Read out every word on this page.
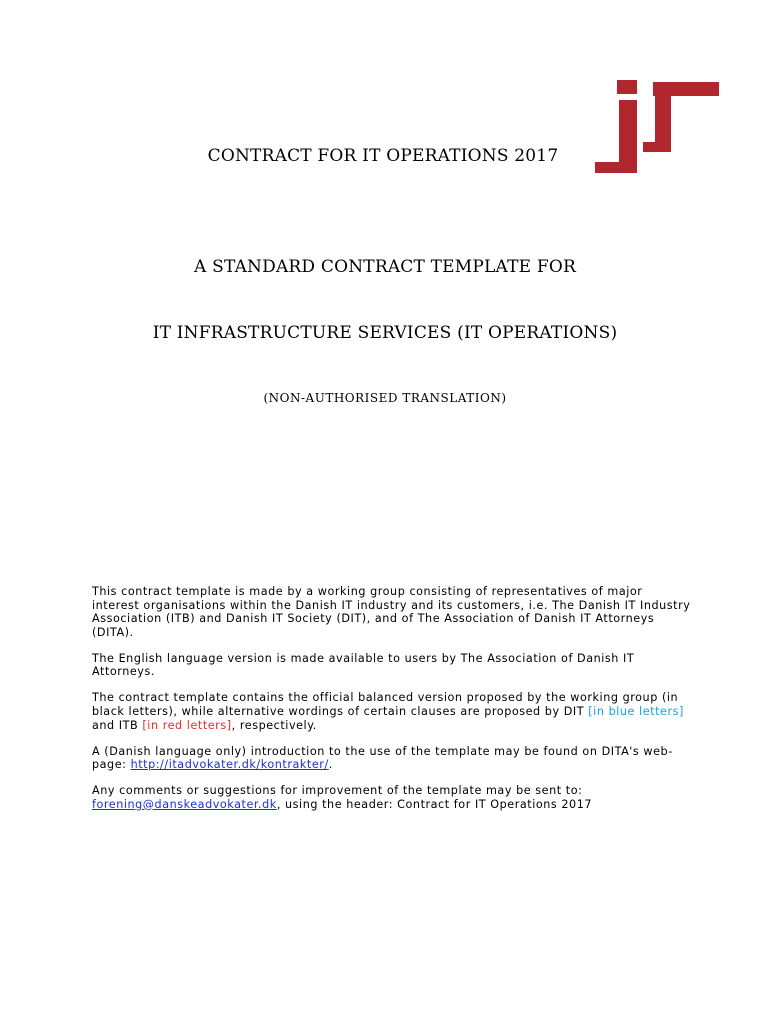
CONTRACT FOR IT OPERATIONS 2017
A STANDARD CONTRACT TEMPLATE FOR
IT INFRASTRUCTURE SERVICES (IT OPERATIONS)
(NON-AUTHORISED TRANSLATION)

This contract template is made by a working group consisting of representatives of major interest organisations within the Danish IT industry and its customers, i.e. The Danish IT Industry Association (ITB) and Danish IT Society (DIT), and of The Association of Danish IT Attorneys (DITA).

The English language version is made available to users by The Association of Danish IT Attorneys.

The contract template contains the official balanced version proposed by the working group (in black letters), while alternative wordings of certain clauses are proposed by DIT [in blue letters] and ITB [in red letters], respectively.

A (Danish language only) introduction to the use of the template may be found on DITA's web-page: http://itadvokater.dk/kontrakter/.

Any comments or suggestions for improvement of the template may be sent to: forening@danskeadvokater.dk, using the header: Contract for IT Operations 2017
